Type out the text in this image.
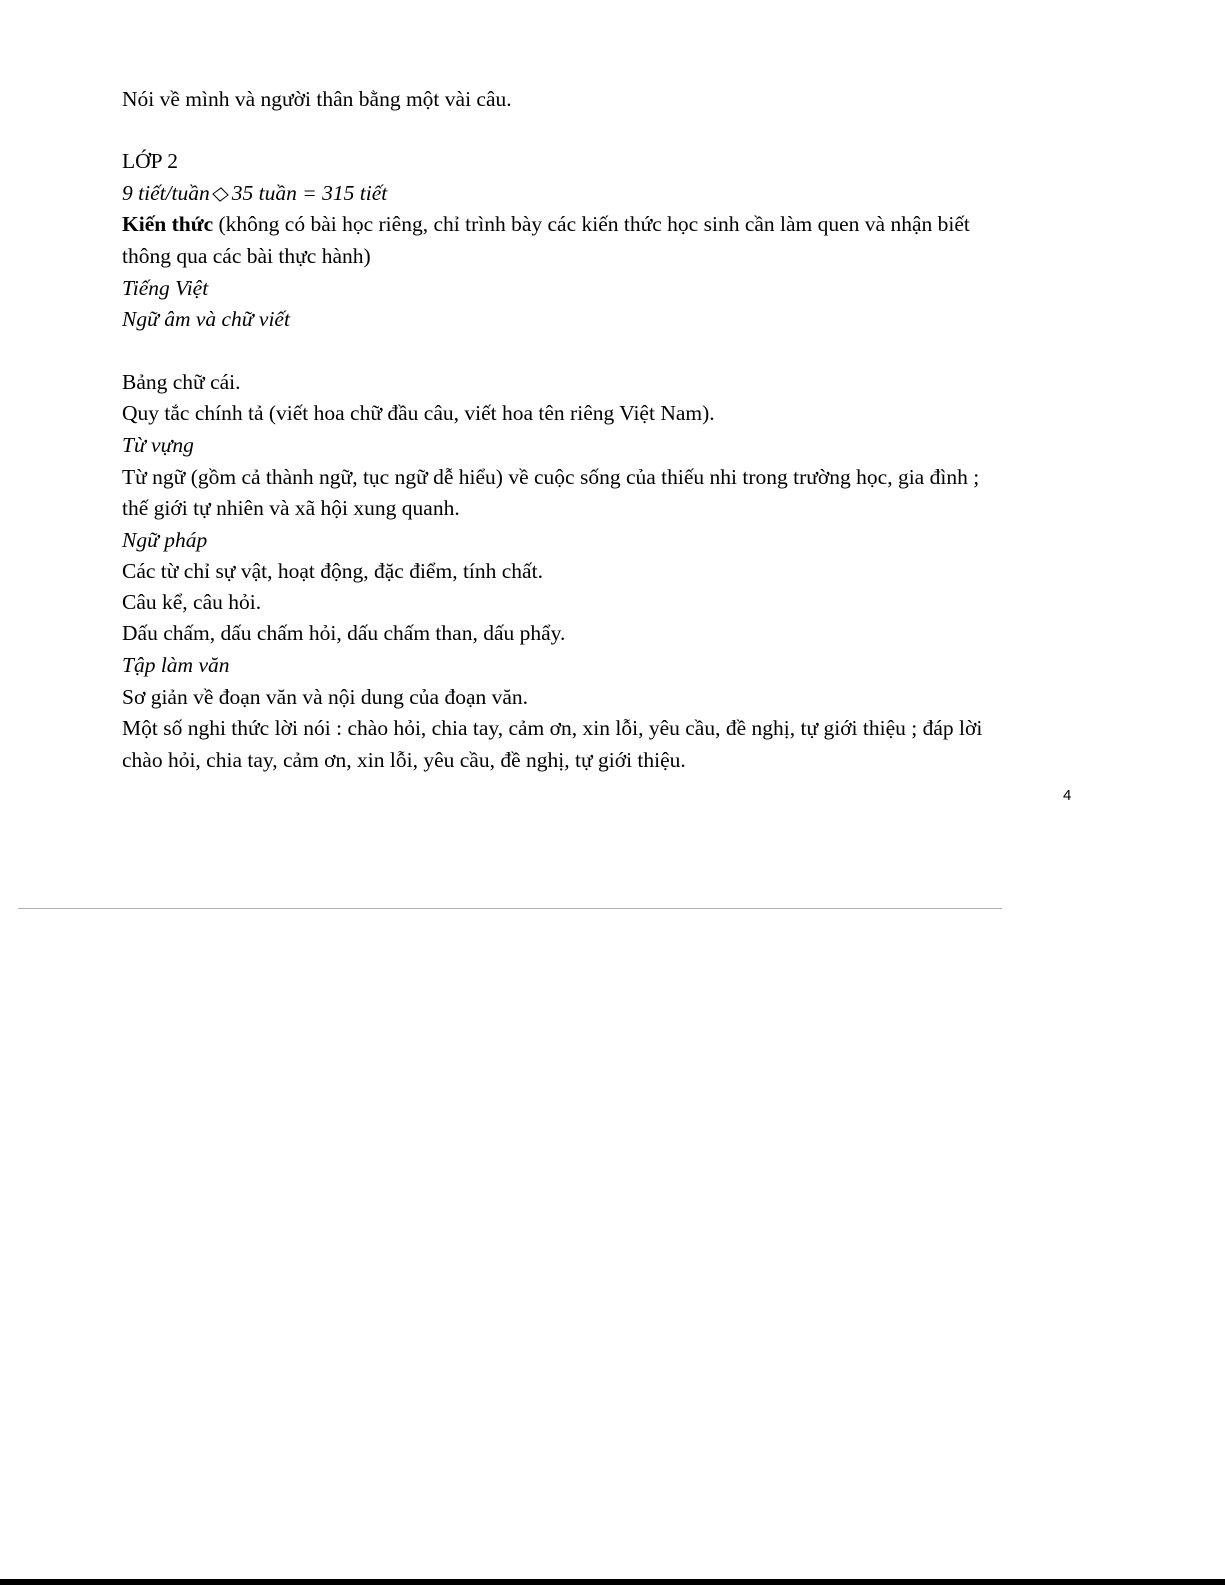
Nói về mình và người thân bằng một vài câu.
LỚP 2
9 tiết/tuần 35 tuần = 315 tiết
Kiến thức (không có bài học riêng, chỉ trình bày các kiến thức học sinh cần làm quen và nhận biết
thông qua các bài thực hành)
Tiếng Việt
Ngữ âm và chữ viết
Bảng chữ cái.
Quy tắc chính tả (viết hoa chữ đầu câu, viết hoa tên riêng Việt Nam).
Từ vựng
Từ ngữ (gồm cả thành ngữ, tục ngữ dễ hiểu) về cuộc sống của thiếu nhi trong trường học, gia đình ;
thế giới tự nhiên và xã hội xung quanh.
Ngữ pháp
Các từ chỉ sự vật, hoạt động, đặc điểm, tính chất.
Câu kể, câu hỏi.
Dấu chấm, dấu chấm hỏi, dấu chấm than, dấu phẩy.
Tập làm văn
Sơ giản về đoạn văn và nội dung của đoạn văn.
Một số nghi thức lời nói : chào hỏi, chia tay, cảm ơn, xin lỗi, yêu cầu, đề nghị, tự giới thiệu ; đáp lời
chào hỏi, chia tay, cảm ơn, xin lỗi, yêu cầu, đề nghị, tự giới thiệu.
4
